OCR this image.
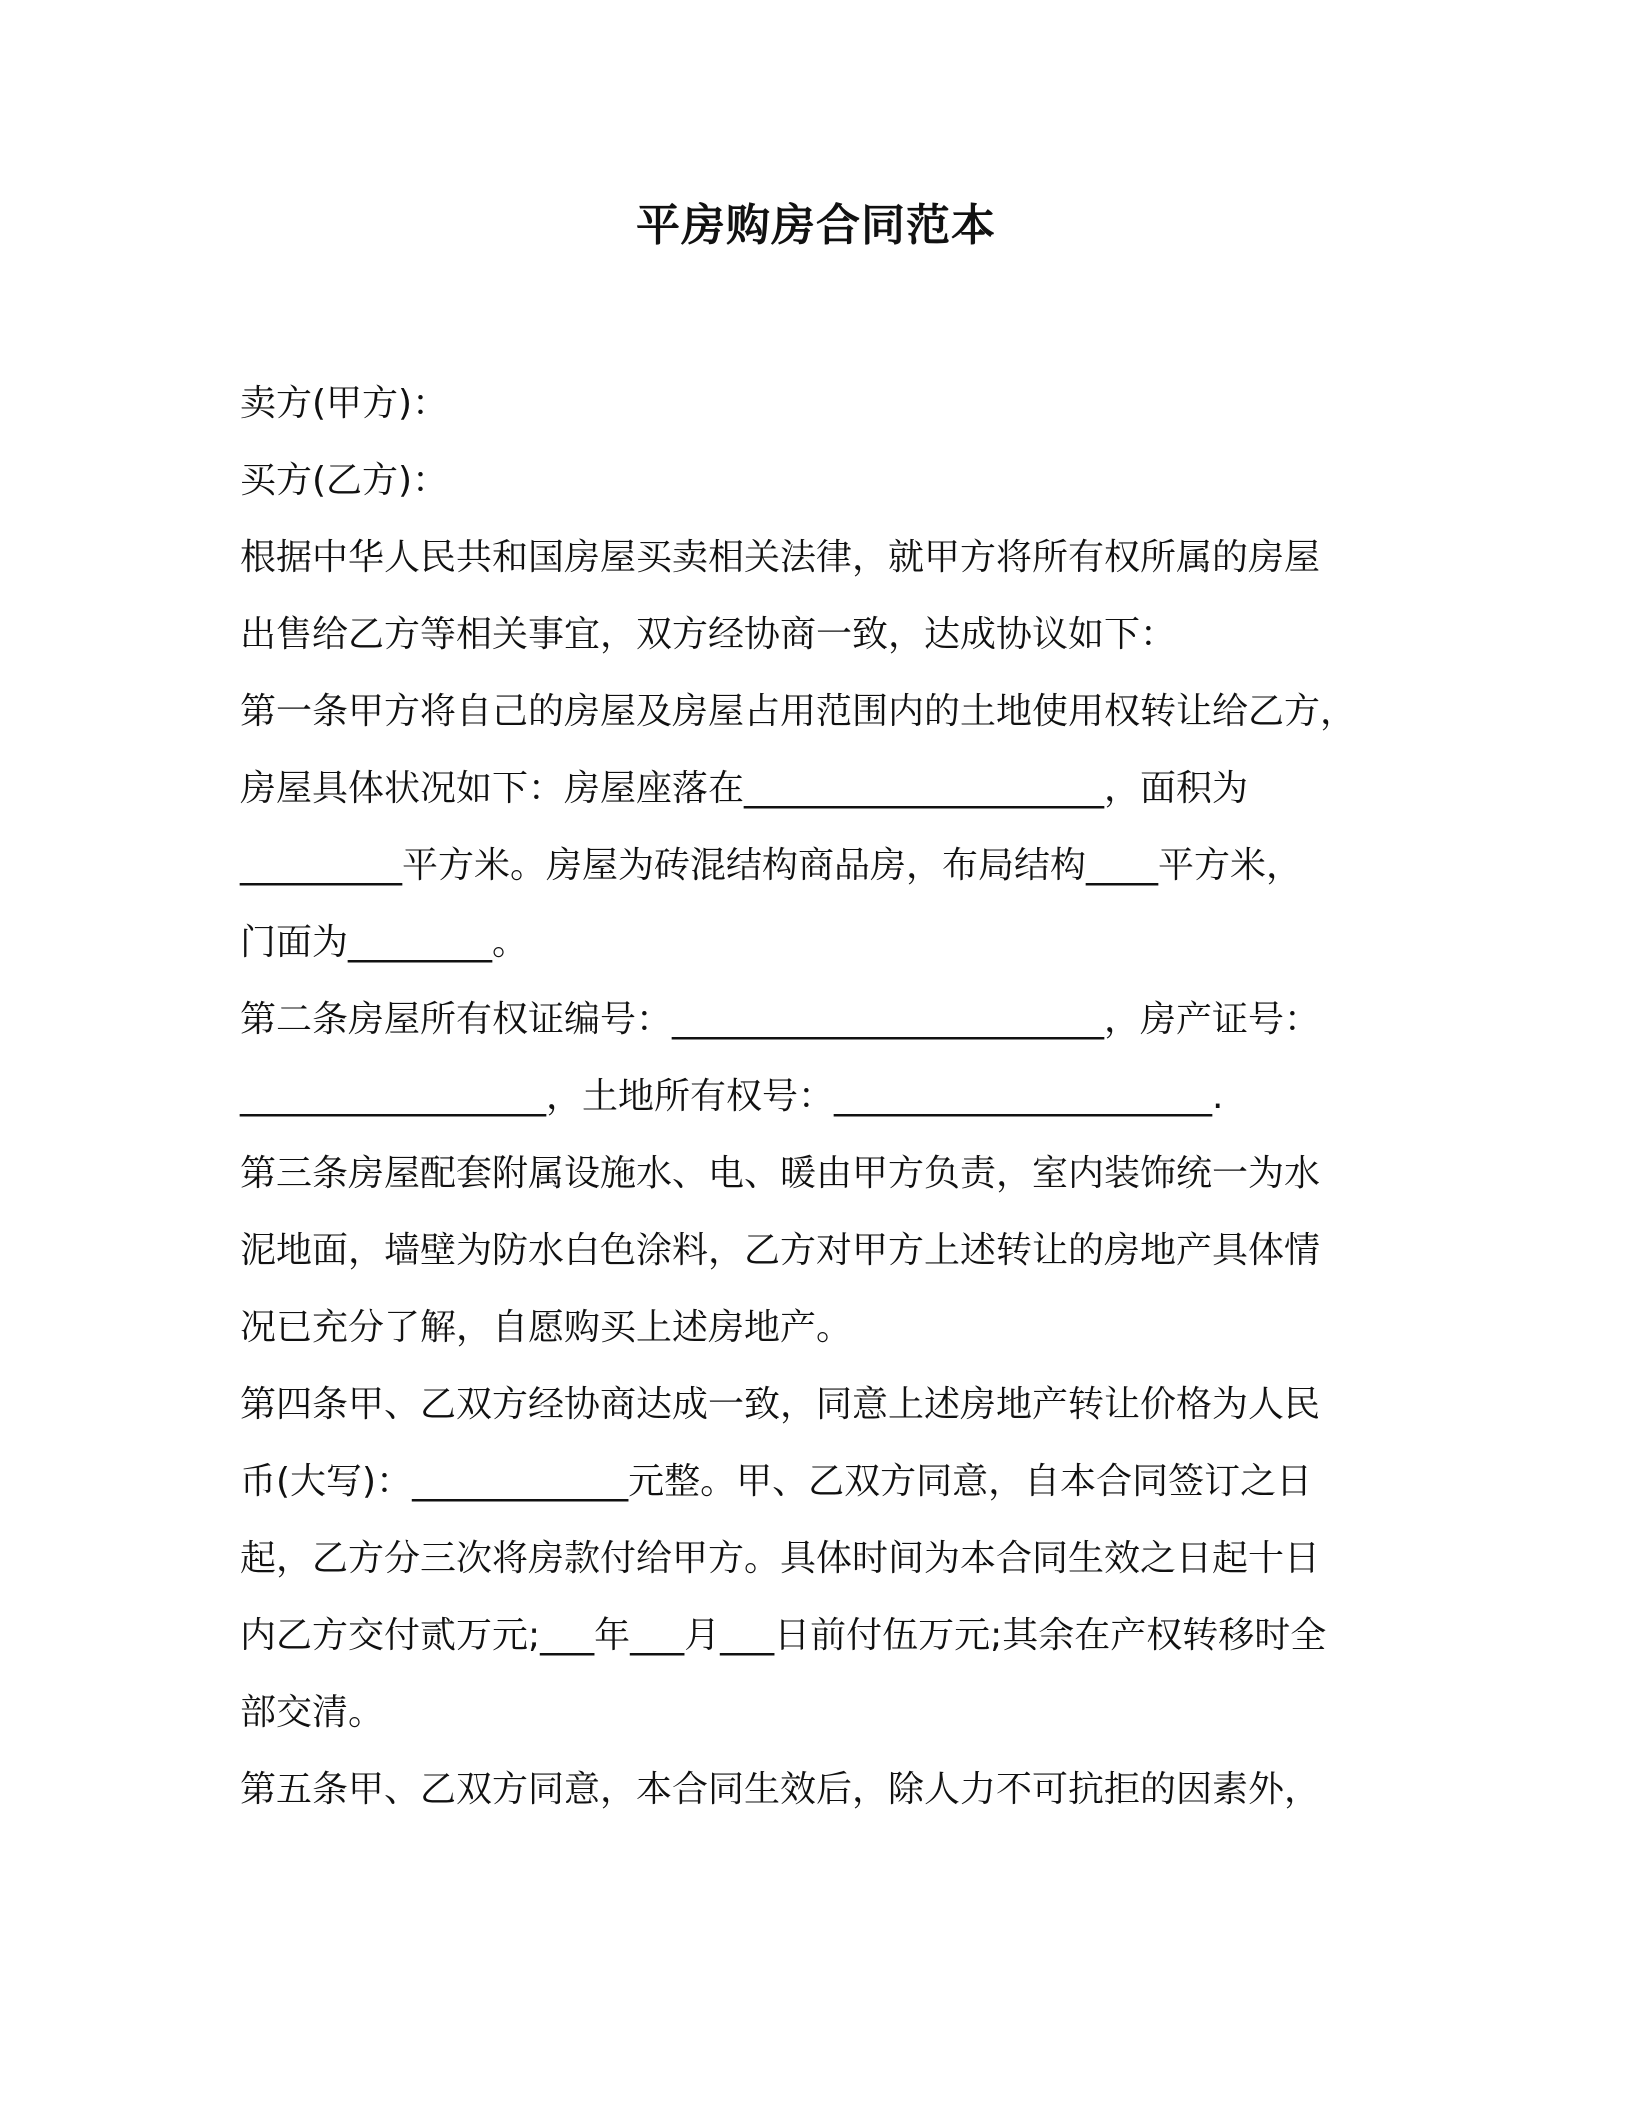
平房购房合同范本
卖方(甲方)：
买方(乙方)：
根据中华人民共和国房屋买卖相关法律，就甲方将所有权所属的房屋
出售给乙方等相关事宜，双方经协商一致，达成协议如下：
第一条甲方将自己的房屋及房屋占用范围内的土地使用权转让给乙方，
房屋具体状况如下：房屋座落在____________________，面积为
_________平方米。房屋为砖混结构商品房，布局结构____平方米，
门面为________。
第二条房屋所有权证编号：________________________，房产证号：
_________________，土地所有权号：_____________________.
第三条房屋配套附属设施水、电、暖由甲方负责，室内装饰统一为水
泥地面，墙壁为防水白色涂料，乙方对甲方上述转让的房地产具体情
况已充分了解，自愿购买上述房地产。
第四条甲、乙双方经协商达成一致，同意上述房地产转让价格为人民
币(大写)：____________元整。甲、乙双方同意，自本合同签订之日
起，乙方分三次将房款付给甲方。具体时间为本合同生效之日起十日
内乙方交付贰万元;___年___月___日前付伍万元;其余在产权转移时全
部交清。
第五条甲、乙双方同意，本合同生效后，除人力不可抗拒的因素外，
